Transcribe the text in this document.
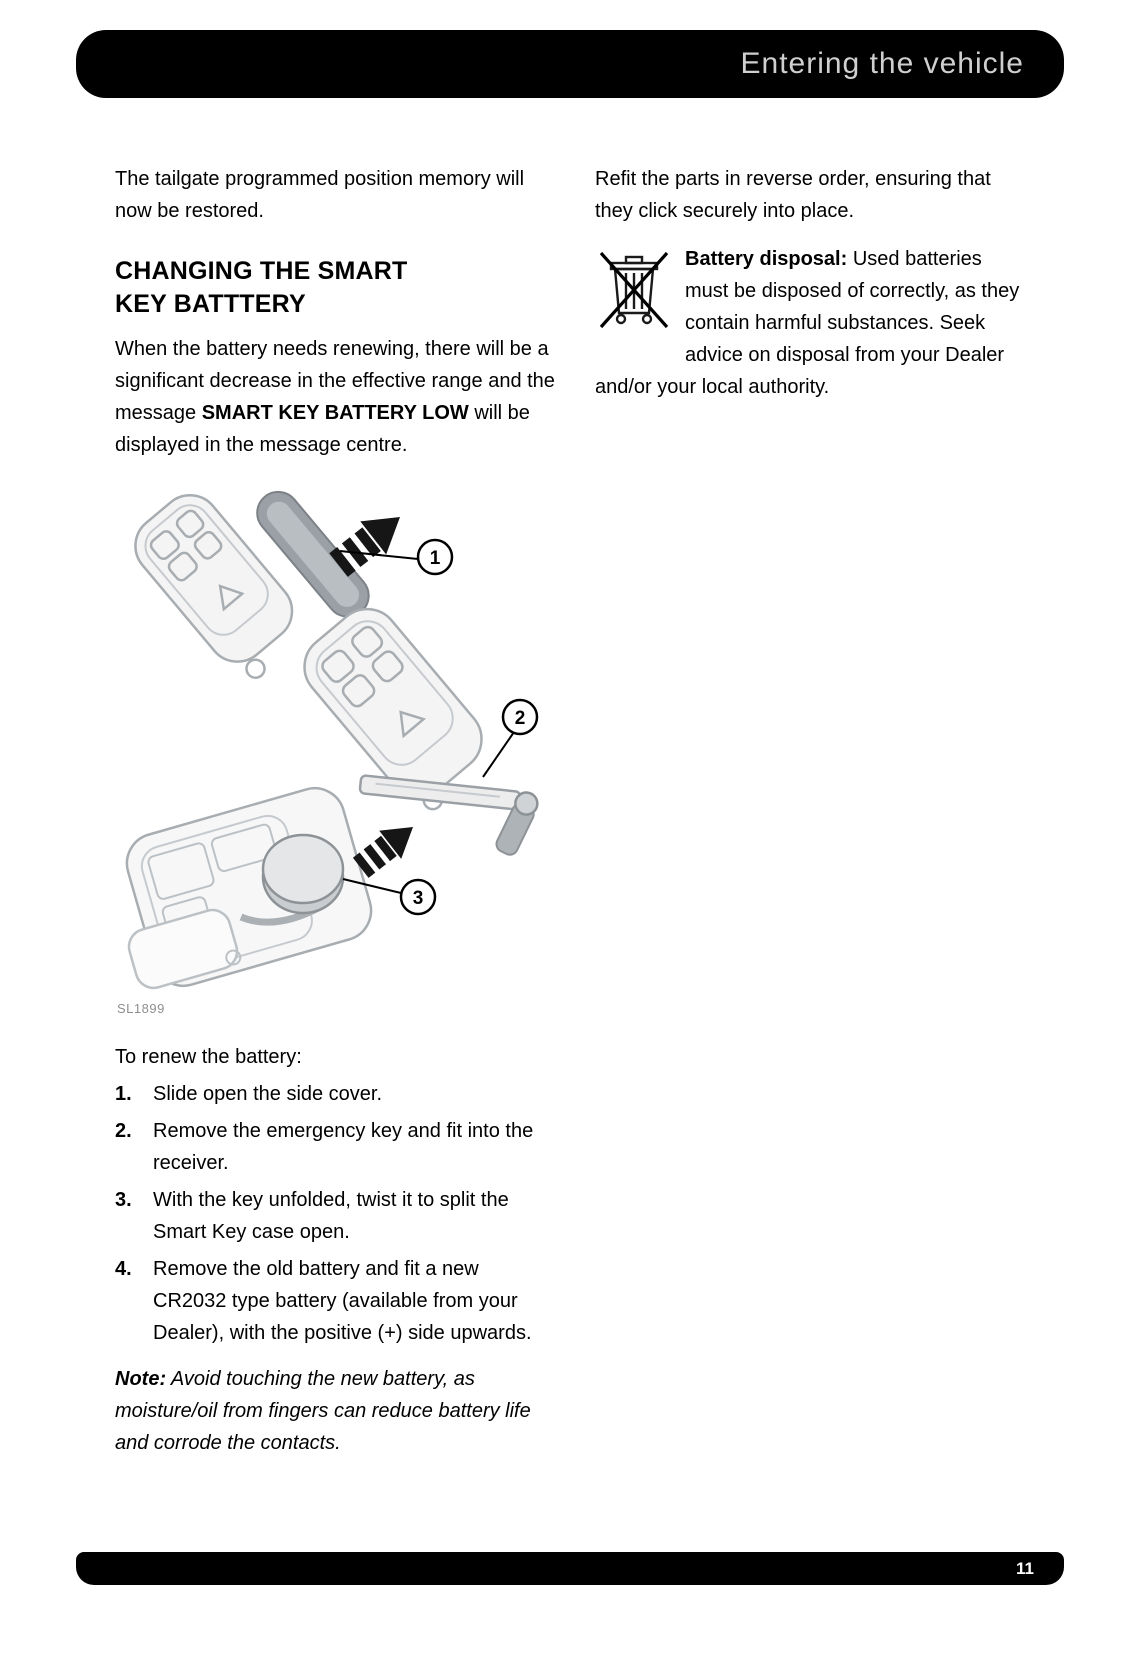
Entering the vehicle

The tailgate programmed position memory will now be restored.

CHANGING THE SMART KEY BATTTERY

When the battery needs renewing, there will be a significant decrease in the effective range and the message SMART KEY BATTERY LOW will be displayed in the message centre.

1
2
3
SL1899

To renew the battery:

1.	Slide open the side cover.
2.	Remove the emergency key and fit into the receiver.
3.	With the key unfolded, twist it to split the Smart Key case open.
4.	Remove the old battery and fit a new CR2032 type battery (available from your Dealer), with the positive (+) side upwards.

Note: Avoid touching the new battery, as moisture/oil from fingers can reduce battery life and corrode the contacts.

Refit the parts in reverse order, ensuring that they click securely into place.

Battery disposal: Used batteries must be disposed of correctly, as they contain harmful substances. Seek advice on disposal from your Dealer and/or your local authority.

11
